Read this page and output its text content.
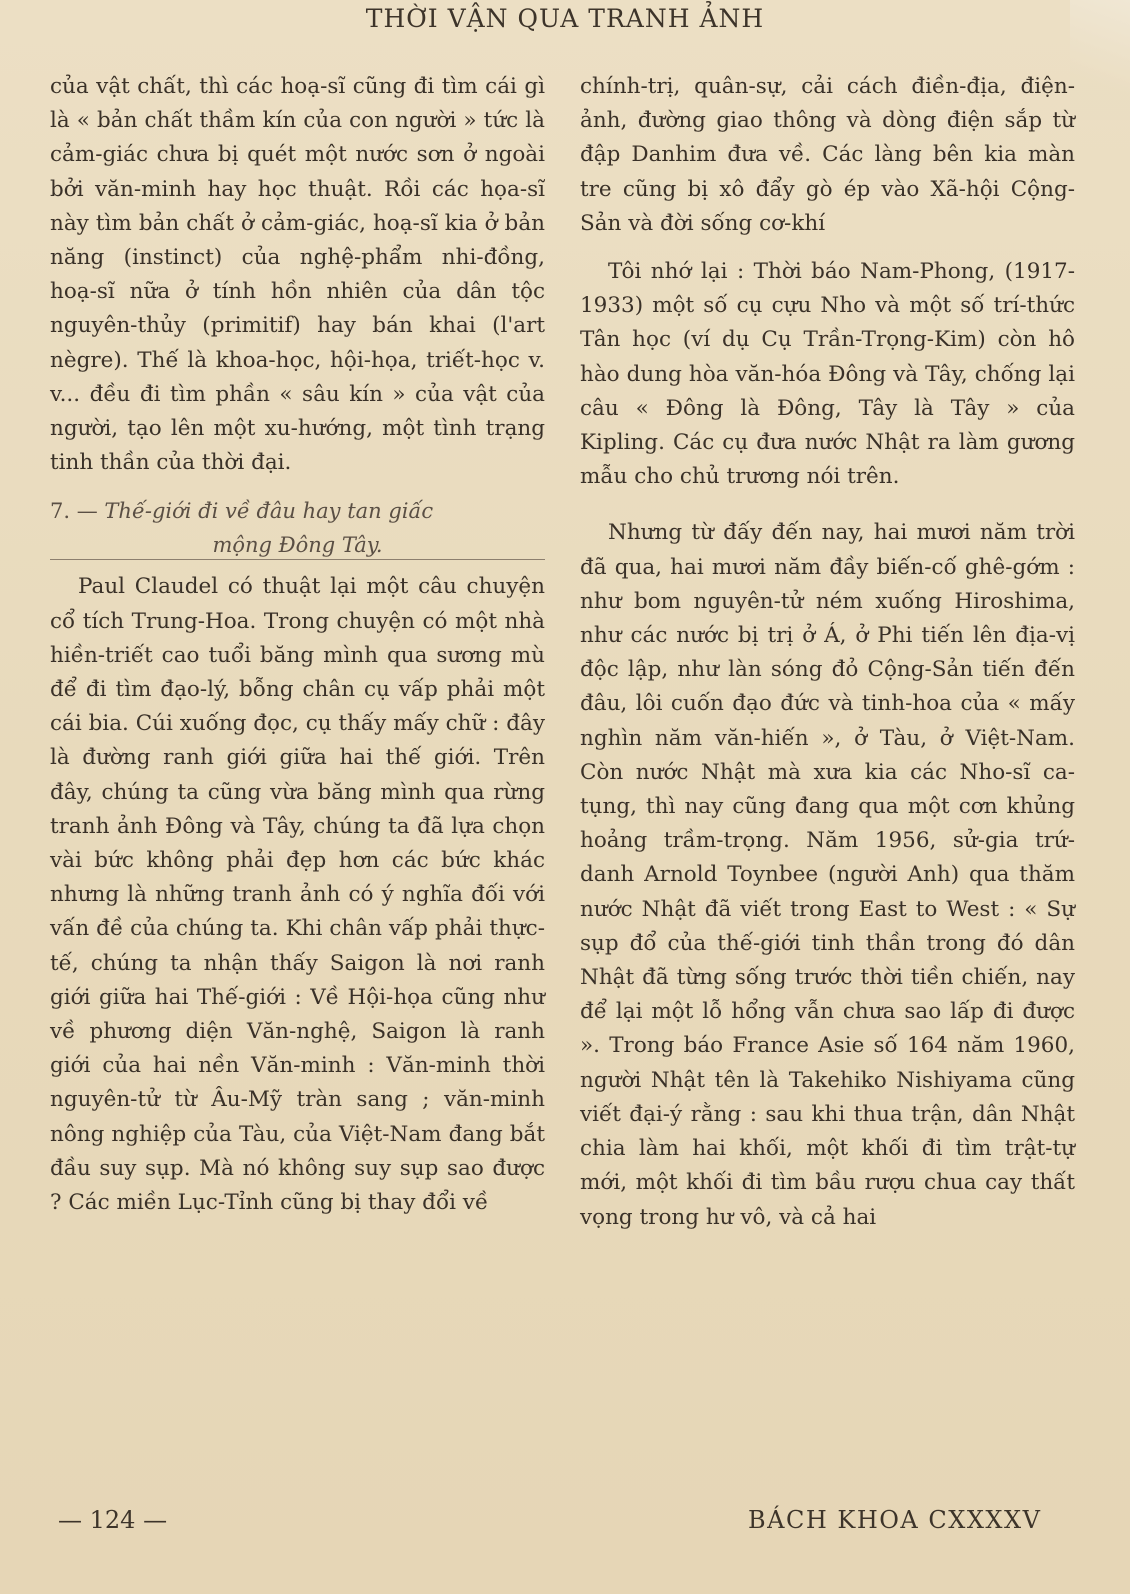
THỜI VẬN QUA TRANH ẢNH

của vật chất, thì các hoạ-sĩ cũng đi tìm cái gì là « bản chất thầm kín của con người » tức là cảm-giác chưa bị quét một nước sơn ở ngoài bởi văn-minh hay học thuật. Rồi các họa-sĩ này tìm bản chất ở cảm-giác, hoạ-sĩ kia ở bản năng (instinct) của nghệ-phẩm nhi-đồng, hoạ-sĩ nữa ở tính hồn nhiên của dân tộc nguyên-thủy (primitif) hay bán khai (l'art nègre). Thế là khoa-học, hội-họa, triết-học v. v... đều đi tìm phần « sâu kín » của vật của người, tạo lên một xu-hướng, một tình trạng tinh thần của thời đại.

7. — Thế-giới đi về đâu hay tan giấc
mộng Đông Tây.

Paul Claudel có thuật lại một câu chuyện cổ tích Trung-Hoa. Trong chuyện có một nhà hiền-triết cao tuổi băng mình qua sương mù để đi tìm đạo-lý, bỗng chân cụ vấp phải một cái bia. Cúi xuống đọc, cụ thấy mấy chữ : đây là đường ranh giới giữa hai thế giới. Trên đây, chúng ta cũng vừa băng mình qua rừng tranh ảnh Đông và Tây, chúng ta đã lựa chọn vài bức không phải đẹp hơn các bức khác nhưng là những tranh ảnh có ý nghĩa đối với vấn đề của chúng ta. Khi chân vấp phải thực-tế, chúng ta nhận thấy Saigon là nơi ranh giới giữa hai Thế-giới : Về Hội-họa cũng như về phương diện Văn-nghệ, Saigon là ranh giới của hai nền Văn-minh : Văn-minh thời nguyên-tử từ Âu-Mỹ tràn sang ; văn-minh nông nghiệp của Tàu, của Việt-Nam đang bắt đầu suy sụp. Mà nó không suy sụp sao được ? Các miền Lục-Tỉnh cũng bị thay đổi về

chính-trị, quân-sự, cải cách điền-địa, điện-ảnh, đường giao thông và dòng điện sắp từ đập Danhim đưa về. Các làng bên kia màn tre cũng bị xô đẩy gò ép vào Xã-hội Cộng-Sản và đời sống cơ-khí

Tôi nhớ lại : Thời báo Nam-Phong, (1917-1933) một số cụ cựu Nho và một số trí-thức Tân học (ví dụ Cụ Trần-Trọng-Kim) còn hô hào dung hòa văn-hóa Đông và Tây, chống lại câu « Đông là Đông, Tây là Tây » của Kipling. Các cụ đưa nước Nhật ra làm gương mẫu cho chủ trương nói trên.

Nhưng từ đấy đến nay, hai mươi năm trời đã qua, hai mươi năm đầy biến-cố ghê-gớm : như bom nguyên-tử ném xuống Hiroshima, như các nước bị trị ở Á, ở Phi tiến lên địa-vị độc lập, như làn sóng đỏ Cộng-Sản tiến đến đâu, lôi cuốn đạo đức và tinh-hoa của « mấy nghìn năm văn-hiến », ở Tàu, ở Việt-Nam. Còn nước Nhật mà xưa kia các Nho-sĩ ca-tụng, thì nay cũng đang qua một cơn khủng hoảng trầm-trọng. Năm 1956, sử-gia trứ-danh Arnold Toynbee (người Anh) qua thăm nước Nhật đã viết trong East to West : « Sự sụp đổ của thế-giới tinh thần trong đó dân Nhật đã từng sống trước thời tiền chiến, nay để lại một lỗ hổng vẫn chưa sao lấp đi được ». Trong báo France Asie số 164 năm 1960, người Nhật tên là Takehiko Nishiyama cũng viết đại-ý rằng : sau khi thua trận, dân Nhật chia làm hai khối, một khối đi tìm trật-tự mới, một khối đi tìm bầu rượu chua cay thất vọng trong hư vô, và cả hai

— 124 —	BÁCH KHOA CXXXXV
